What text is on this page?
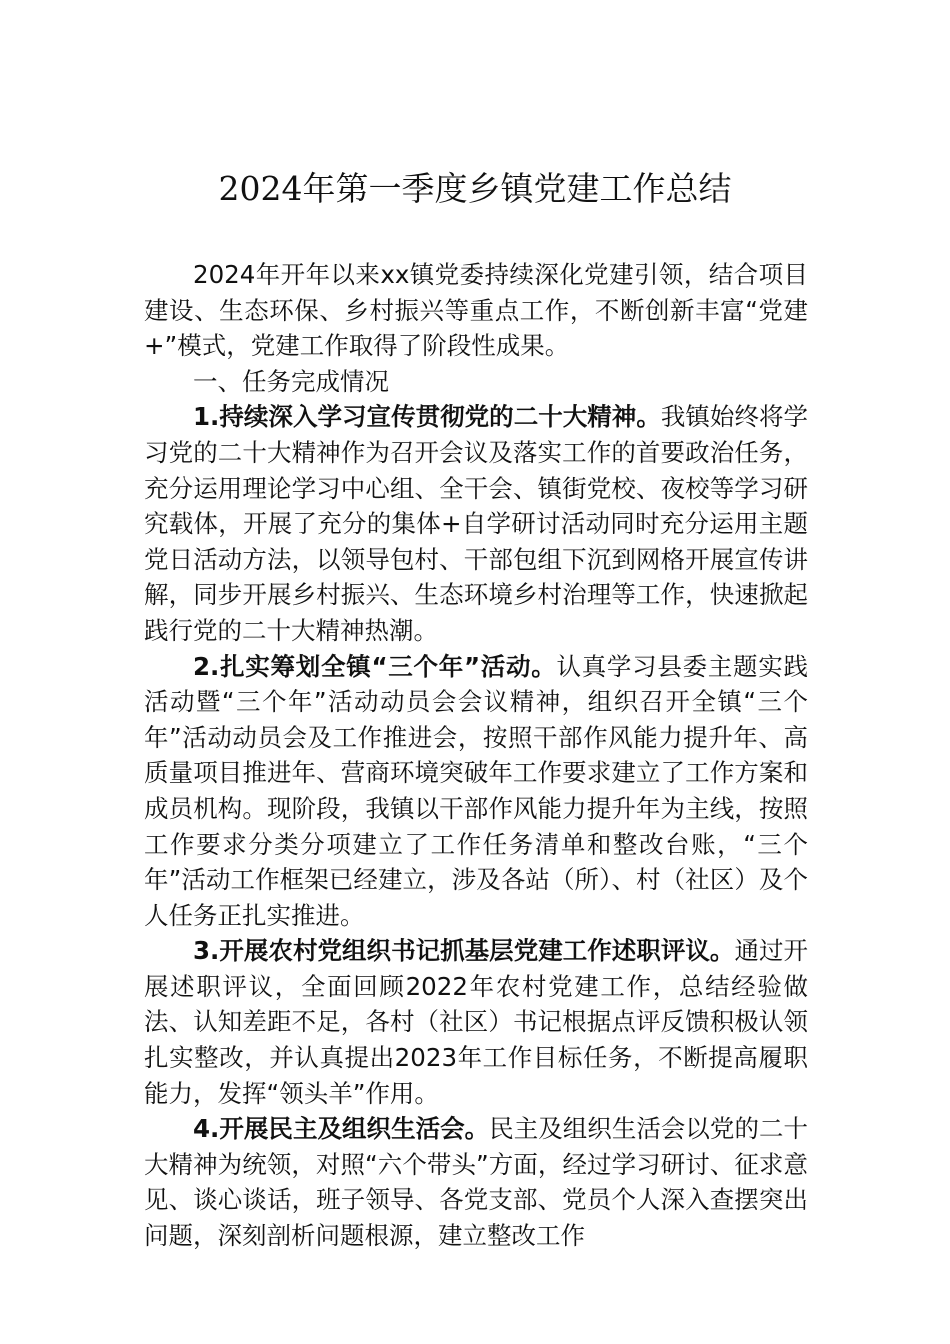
2024年第一季度乡镇党建工作总结

2024年开年以来xx镇党委持续深化党建引领，结合项目建设、生态环保、乡村振兴等重点工作，不断创新丰富“党建+”模式，党建工作取得了阶段性成果。

一、任务完成情况

1.持续深入学习宣传贯彻党的二十大精神。我镇始终将学习党的二十大精神作为召开会议及落实工作的首要政治任务，充分运用理论学习中心组、全干会、镇街党校、夜校等学习研究载体，开展了充分的集体+自学研讨活动同时充分运用主题党日活动方法，以领导包村、干部包组下沉到网格开展宣传讲解，同步开展乡村振兴、生态环境乡村治理等工作，快速掀起践行党的二十大精神热潮。

2.扎实筹划全镇“三个年”活动。认真学习县委主题实践活动暨“三个年”活动动员会会议精神，组织召开全镇“三个年”活动动员会及工作推进会，按照干部作风能力提升年、高质量项目推进年、营商环境突破年工作要求建立了工作方案和成员机构。现阶段，我镇以干部作风能力提升年为主线，按照工作要求分类分项建立了工作任务清单和整改台账，“三个年”活动工作框架已经建立，涉及各站（所）、村（社区）及个人任务正扎实推进。

3.开展农村党组织书记抓基层党建工作述职评议。通过开展述职评议，全面回顾2022年农村党建工作，总结经验做法、认知差距不足，各村（社区）书记根据点评反馈积极认领扎实整改，并认真提出2023年工作目标任务，不断提高履职能力，发挥“领头羊”作用。

4.开展民主及组织生活会。民主及组织生活会以党的二十大精神为统领，对照“六个带头”方面，经过学习研讨、征求意见、谈心谈话，班子领导、各党支部、党员个人深入查摆突出问题，深刻剖析问题根源，建立整改工作
